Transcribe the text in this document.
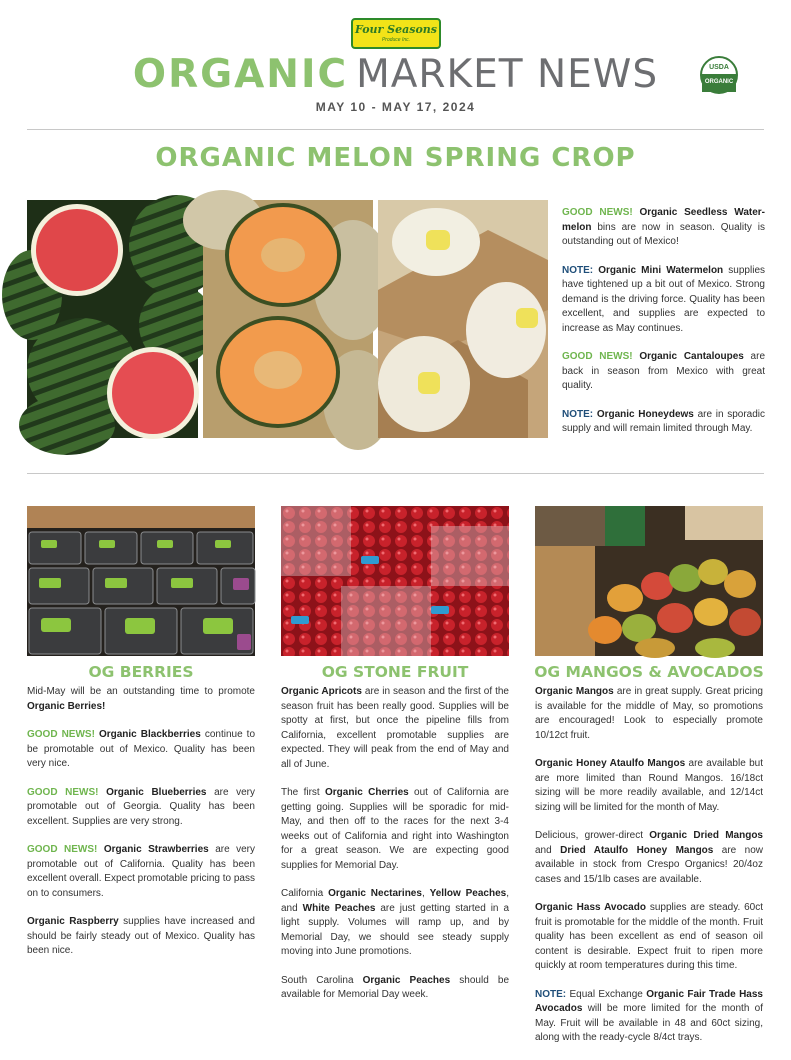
Four Seasons
Produce Inc.
ORGANIC MARKET NEWS	USDA
ORGANIC
MAY 10 - MAY 17, 2024
ORGANIC MELON SPRING CROP

GOOD NEWS! Organic Seedless Water-melon bins are now in season. Quality is outstanding out of Mexico!

NOTE: Organic Mini Watermelon supplies have tightened up a bit out of Mexico. Strong demand is the driving force. Quality has been excellent, and supplies are expected to increase as May continues.

GOOD NEWS! Organic Cantaloupes are back in season from Mexico with great quality.

NOTE: Organic Honeydews are in sporadic supply and will remain limited through May.

OG BERRIES	OG STONE FRUIT	OG MANGOS & AVOCADOS

Mid-May will be an outstanding time to promote Organic Berries!

GOOD NEWS! Organic Blackberries continue to be promotable out of Mexico. Quality has been very nice.

GOOD NEWS! Organic Blueberries are very promotable out of Georgia. Quality has been excellent. Supplies are very strong.

GOOD NEWS! Organic Strawberries are very promotable out of California. Quality has been excellent overall. Expect promotable pricing to pass on to consumers.

Organic Raspberry supplies have increased and should be fairly steady out of Mexico. Quality has been nice.

Organic Apricots are in season and the first of the season fruit has been really good. Supplies will be spotty at first, but once the pipeline fills from California, excellent promotable supplies are expected. They will peak from the end of May and all of June.

The first Organic Cherries out of California are getting going. Supplies will be sporadic for mid-May, and then off to the races for the next 3-4 weeks out of California and right into Washington for a great season. We are expecting good supplies for Memorial Day.

California Organic Nectarines, Yellow Peaches, and White Peaches are just getting started in a light supply. Volumes will ramp up, and by Memorial Day, we should see steady supply moving into June promotions.

South Carolina Organic Peaches should be available for Memorial Day week.

Organic Mangos are in great supply. Great pricing is available for the middle of May, so promotions are encouraged! Look to especially promote 10/12ct fruit.

Organic Honey Ataulfo Mangos are available but are more limited than Round Mangos. 16/18ct sizing will be more readily available, and 12/14ct sizing will be limited for the month of May.

Delicious, grower-direct Organic Dried Mangos and Dried Ataulfo Honey Mangos are now available in stock from Crespo Organics! 20/4oz cases and 15/1lb cases are available.

Organic Hass Avocado supplies are steady. 60ct fruit is promotable for the middle of the month. Fruit quality has been excellent as end of season oil content is desirable. Expect fruit to ripen more quickly at room temperatures during this time.

NOTE: Equal Exchange Organic Fair Trade Hass Avocados will be more limited for the month of May. Fruit will be available in 48 and 60ct sizing, along with the ready-cycle 8/4ct trays.
